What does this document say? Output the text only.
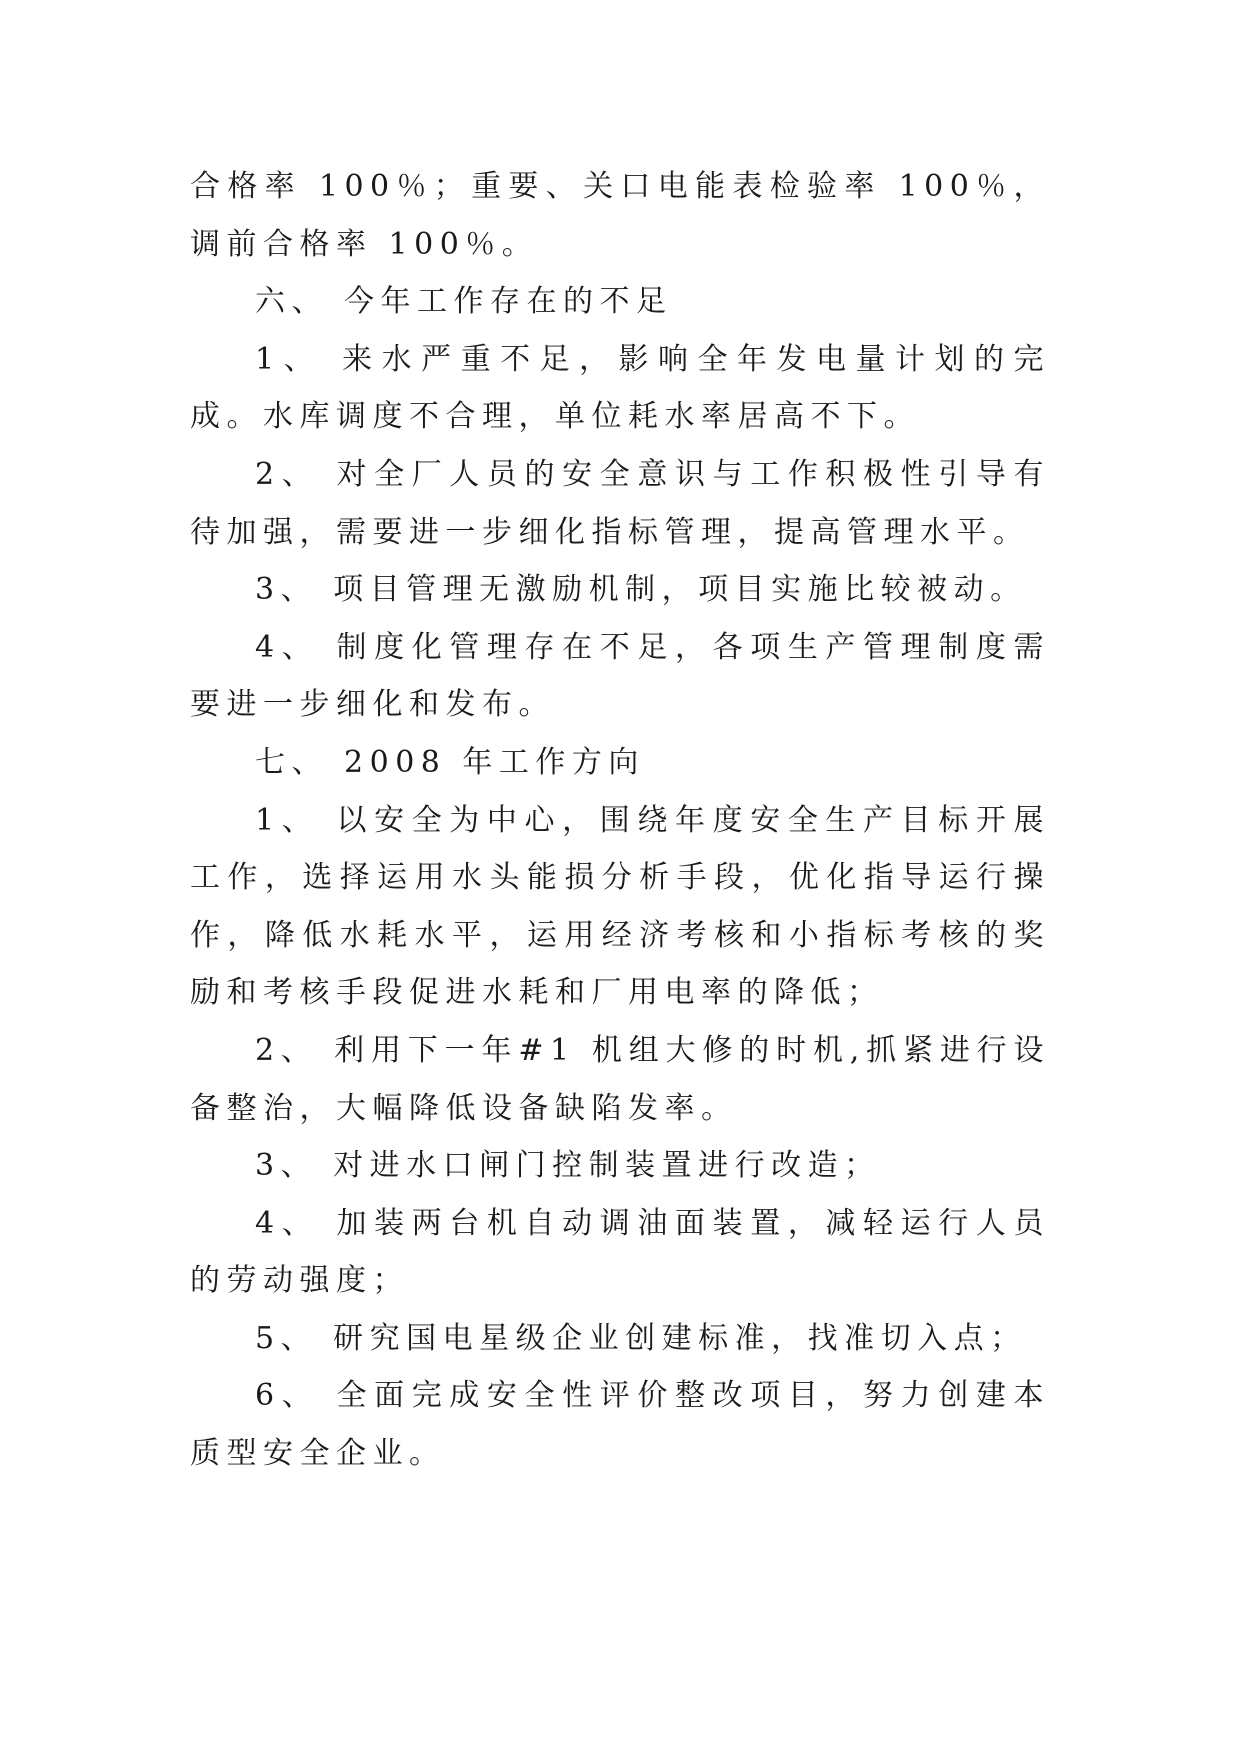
合格率 100％；重要、关口电能表检验率 100％，调前合格率 100％。

六、 今年工作存在的不足

1、 来水严重不足，影响全年发电量计划的完成。水库调度不合理，单位耗水率居高不下。

2、 对全厂人员的安全意识与工作积极性引导有待加强，需要进一步细化指标管理，提高管理水平。

3、 项目管理无激励机制，项目实施比较被动。

4、 制度化管理存在不足，各项生产管理制度需要进一步细化和发布。

七、 2008 年工作方向

1、 以安全为中心，围绕年度安全生产目标开展工作，选择运用水头能损分析手段，优化指导运行操作，降低水耗水平，运用经济考核和小指标考核的奖励和考核手段促进水耗和厂用电率的降低；

2、 利用下一年#1 机组大修的时机,抓紧进行设备整治，大幅降低设备缺陷发率。

3、 对进水口闸门控制装置进行改造；

4、 加装两台机自动调油面装置，减轻运行人员的劳动强度；

5、 研究国电星级企业创建标准，找准切入点；

6、 全面完成安全性评价整改项目，努力创建本质型安全企业。
